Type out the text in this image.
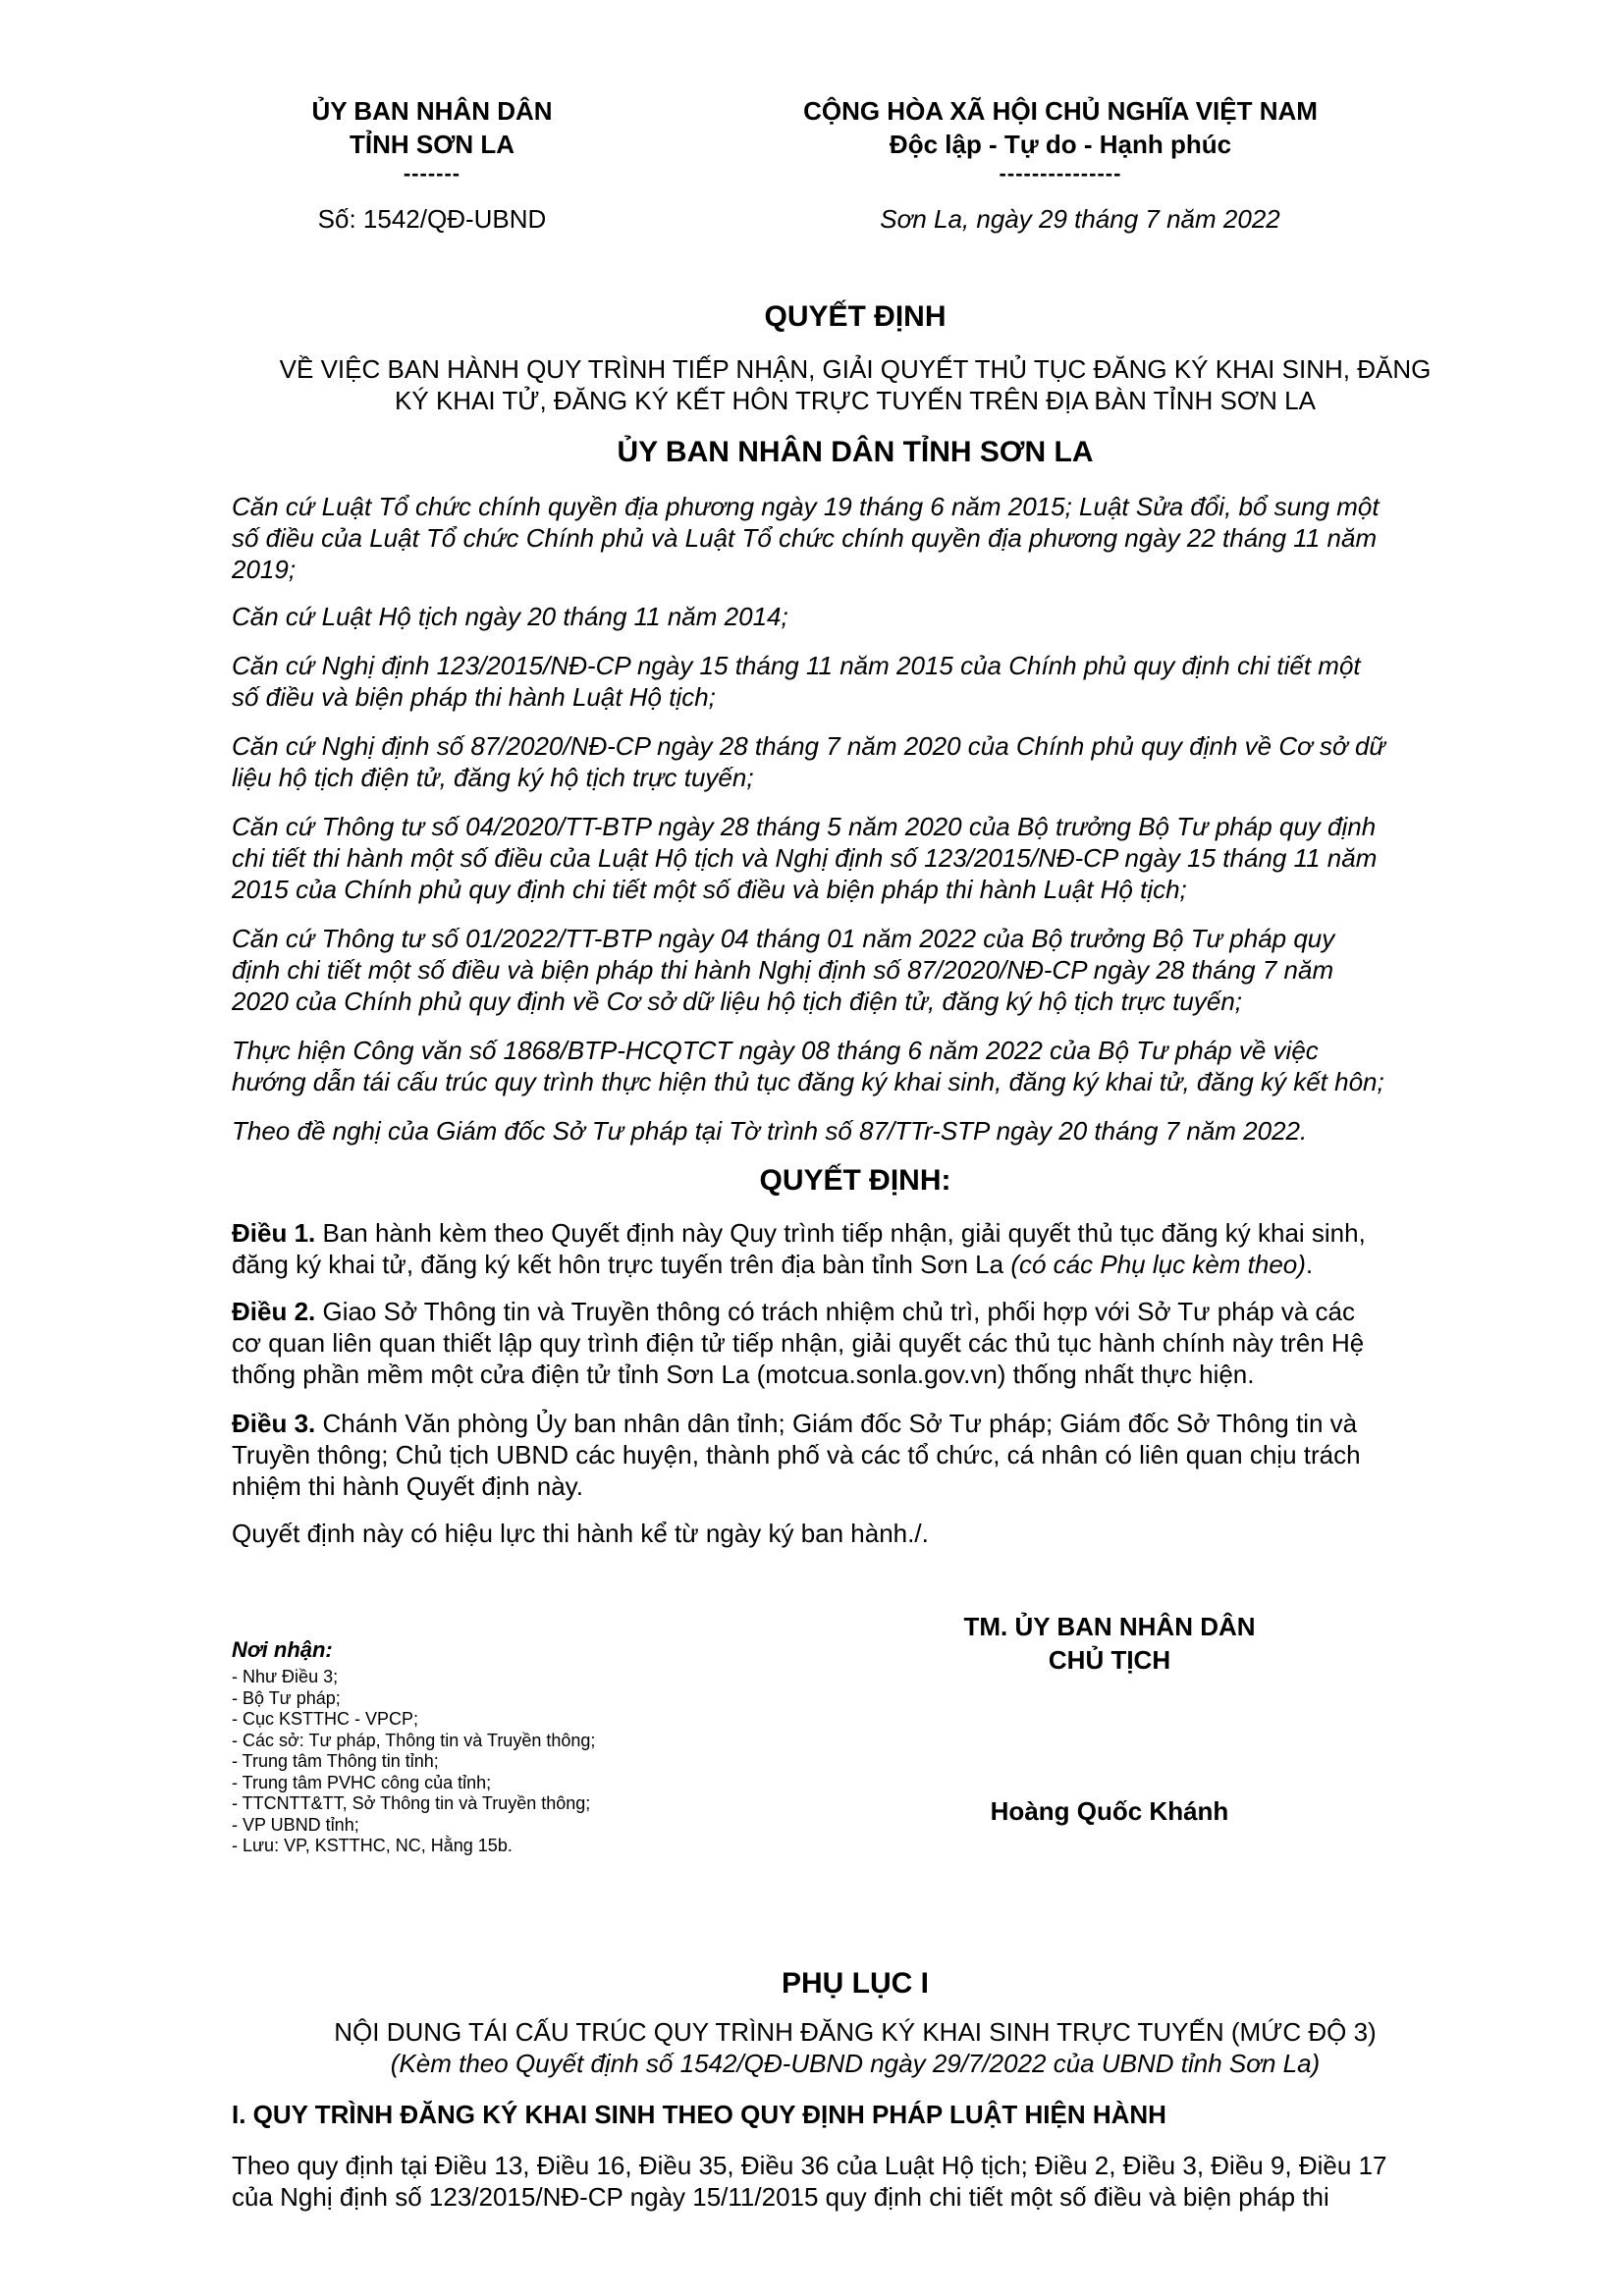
ỦY BAN NHÂN DÂN
TỈNH SƠN LA
-------
CỘNG HÒA XÃ HỘI CHỦ NGHĨA VIỆT NAM
Độc lập - Tự do - Hạnh phúc
---------------
Số: 1542/QĐ-UBND	Sơn La, ngày 29 tháng 7 năm 2022
QUYẾT ĐỊNH
VỀ VIỆC BAN HÀNH QUY TRÌNH TIẾP NHẬN, GIẢI QUYẾT THỦ TỤC ĐĂNG KÝ KHAI SINH, ĐĂNG
KÝ KHAI TỬ, ĐĂNG KÝ KẾT HÔN TRỰC TUYẾN TRÊN ĐỊA BÀN TỈNH SƠN LA
ỦY BAN NHÂN DÂN TỈNH SƠN LA
Căn cứ Luật Tổ chức chính quyền địa phương ngày 19 tháng 6 năm 2015; Luật Sửa đổi, bổ sung một
số điều của Luật Tổ chức Chính phủ và Luật Tổ chức chính quyền địa phương ngày 22 tháng 11 năm
2019;
Căn cứ Luật Hộ tịch ngày 20 tháng 11 năm 2014;
Căn cứ Nghị định 123/2015/NĐ-CP ngày 15 tháng 11 năm 2015 của Chính phủ quy định chi tiết một
số điều và biện pháp thi hành Luật Hộ tịch;
Căn cứ Nghị định số 87/2020/NĐ-CP ngày 28 tháng 7 năm 2020 của Chính phủ quy định về Cơ sở dữ
liệu hộ tịch điện tử, đăng ký hộ tịch trực tuyến;
Căn cứ Thông tư số 04/2020/TT-BTP ngày 28 tháng 5 năm 2020 của Bộ trưởng Bộ Tư pháp quy định
chi tiết thi hành một số điều của Luật Hộ tịch và Nghị định số 123/2015/NĐ-CP ngày 15 tháng 11 năm
2015 của Chính phủ quy định chi tiết một số điều và biện pháp thi hành Luật Hộ tịch;
Căn cứ Thông tư số 01/2022/TT-BTP ngày 04 tháng 01 năm 2022 của Bộ trưởng Bộ Tư pháp quy
định chi tiết một số điều và biện pháp thi hành Nghị định số 87/2020/NĐ-CP ngày 28 tháng 7 năm
2020 của Chính phủ quy định về Cơ sở dữ liệu hộ tịch điện tử, đăng ký hộ tịch trực tuyến;
Thực hiện Công văn số 1868/BTP-HCQTCT ngày 08 tháng 6 năm 2022 của Bộ Tư pháp về việc
hướng dẫn tái cấu trúc quy trình thực hiện thủ tục đăng ký khai sinh, đăng ký khai tử, đăng ký kết hôn;
Theo đề nghị của Giám đốc Sở Tư pháp tại Tờ trình số 87/TTr-STP ngày 20 tháng 7 năm 2022.
QUYẾT ĐỊNH:
Điều 1. Ban hành kèm theo Quyết định này Quy trình tiếp nhận, giải quyết thủ tục đăng ký khai sinh,
đăng ký khai tử, đăng ký kết hôn trực tuyến trên địa bàn tỉnh Sơn La (có các Phụ lục kèm theo).
Điều 2. Giao Sở Thông tin và Truyền thông có trách nhiệm chủ trì, phối hợp với Sở Tư pháp và các
cơ quan liên quan thiết lập quy trình điện tử tiếp nhận, giải quyết các thủ tục hành chính này trên Hệ
thống phần mềm một cửa điện tử tỉnh Sơn La (motcua.sonla.gov.vn) thống nhất thực hiện.
Điều 3. Chánh Văn phòng Ủy ban nhân dân tỉnh; Giám đốc Sở Tư pháp; Giám đốc Sở Thông tin và
Truyền thông; Chủ tịch UBND các huyện, thành phố và các tổ chức, cá nhân có liên quan chịu trách
nhiệm thi hành Quyết định này.
Quyết định này có hiệu lực thi hành kể từ ngày ký ban hành./.
Nơi nhận:
- Như Điều 3;
- Bộ Tư pháp;
- Cục KSTTHC - VPCP;
- Các sở: Tư pháp, Thông tin và Truyền thông;
- Trung tâm Thông tin tỉnh;
- Trung tâm PVHC công của tỉnh;
- TTCNTT&TT, Sở Thông tin và Truyền thông;
- VP UBND tỉnh;
- Lưu: VP, KSTTHC, NC, Hằng 15b.
TM. ỦY BAN NHÂN DÂN
CHỦ TỊCH
Hoàng Quốc Khánh
PHỤ LỤC I
NỘI DUNG TÁI CẤU TRÚC QUY TRÌNH ĐĂNG KÝ KHAI SINH TRỰC TUYẾN (MỨC ĐỘ 3)
(Kèm theo Quyết định số 1542/QĐ-UBND ngày 29/7/2022 của UBND tỉnh Sơn La)
I. QUY TRÌNH ĐĂNG KÝ KHAI SINH THEO QUY ĐỊNH PHÁP LUẬT HIỆN HÀNH
Theo quy định tại Điều 13, Điều 16, Điều 35, Điều 36 của Luật Hộ tịch; Điều 2, Điều 3, Điều 9, Điều 17
của Nghị định số 123/2015/NĐ-CP ngày 15/11/2015 quy định chi tiết một số điều và biện pháp thi
